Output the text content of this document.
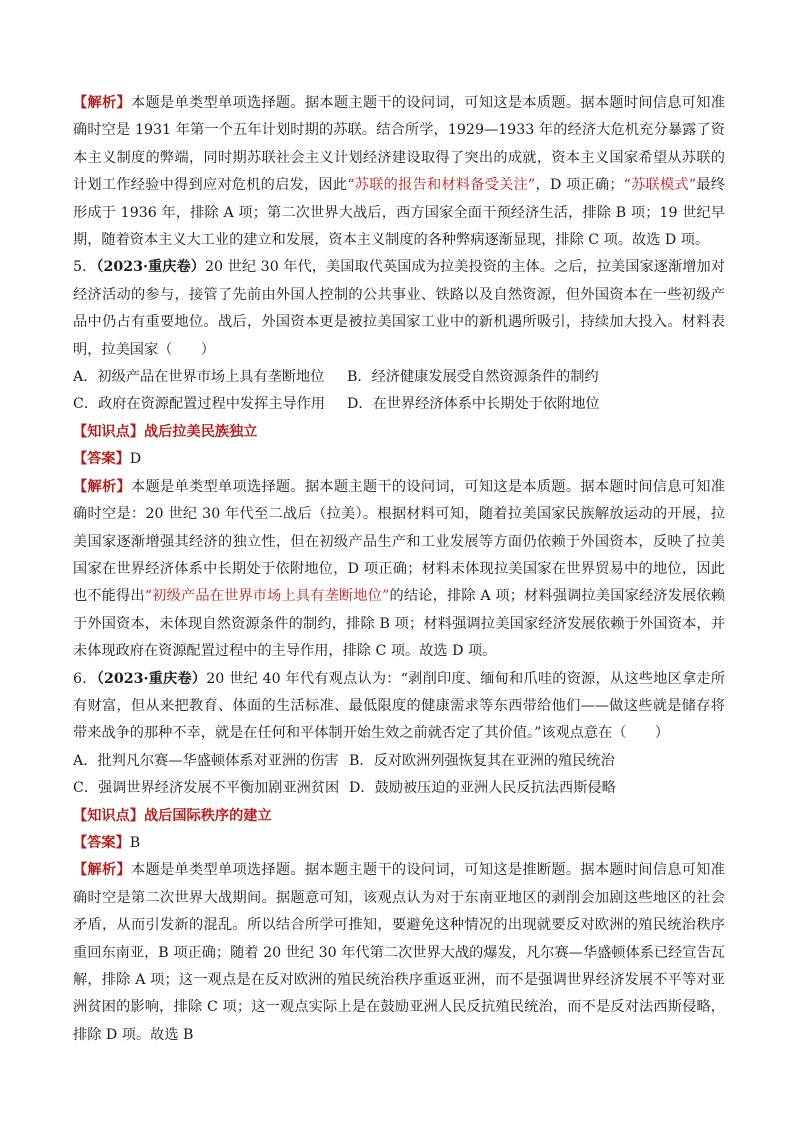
【解析】本题是单类型单项选择题。据本题主题干的设问词，可知这是本质题。据本题时间信息可知准确时空是 1931 年第一个五年计划时期的苏联。结合所学，1929—1933 年的经济大危机充分暴露了资本主义制度的弊端，同时期苏联社会主义计划经济建设取得了突出的成就，资本主义国家希望从苏联的计划工作经验中得到应对危机的启发，因此“苏联的报告和材料备受关注”，D 项正确；“苏联模式”最终形成于 1936 年，排除 A 项；第二次世界大战后，西方国家全面干预经济生活，排除 B 项；19 世纪早期，随着资本主义大工业的建立和发展，资本主义制度的各种弊病逐渐显现，排除 C 项。故选 D 项。

5．（2023·重庆卷）20 世纪 30 年代，美国取代英国成为拉美投资的主体。之后，拉美国家逐渐增加对经济活动的参与，接管了先前由外国人控制的公共事业、铁路以及自然资源，但外国资本在一些初级产品中仍占有重要地位。战后，外国资本更是被拉美国家工业中的新机遇所吸引，持续加大投入。材料表明，拉美国家（　　）

A．初级产品在世界市场上具有垄断地位	B．经济健康发展受自然资源条件的制约
C．政府在资源配置过程中发挥主导作用	D．在世界经济体系中长期处于依附地位

【知识点】战后拉美民族独立

【答案】D

【解析】本题是单类型单项选择题。据本题主题干的设问词，可知这是本质题。据本题时间信息可知准确时空是：20 世纪 30 年代至二战后（拉美）。根据材料可知，随着拉美国家民族解放运动的开展，拉美国家逐渐增强其经济的独立性，但在初级产品生产和工业发展等方面仍依赖于外国资本，反映了拉美国家在世界经济体系中长期处于依附地位，D 项正确；材料未体现拉美国家在世界贸易中的地位，因此也不能得出“初级产品在世界市场上具有垄断地位”的结论，排除 A 项；材料强调拉美国家经济发展依赖于外国资本，未体现自然资源条件的制约，排除 B 项；材料强调拉美国家经济发展依赖于外国资本，并未体现政府在资源配置过程中的主导作用，排除 C 项。故选 D 项。

6．（2023·重庆卷）20 世纪 40 年代有观点认为：“剥削印度、缅甸和爪哇的资源，从这些地区拿走所有财富，但从来把教育、体面的生活标准、最低限度的健康需求等东西带给他们——做这些就是储存将带来战争的那种不幸，就是在任何和平体制开始生效之前就否定了其价值。”该观点意在（　　）

A．批判凡尔赛—华盛顿体系对亚洲的伤害 B．反对欧洲列强恢复其在亚洲的殖民统治
C．强调世界经济发展不平衡加剧亚洲贫困 D．鼓励被压迫的亚洲人民反抗法西斯侵略

【知识点】战后国际秩序的建立

【答案】B

【解析】本题是单类型单项选择题。据本题主题干的设问词，可知这是推断题。据本题时间信息可知准确时空是第二次世界大战期间。据题意可知，该观点认为对于东南亚地区的剥削会加剧这些地区的社会矛盾，从而引发新的混乱。所以结合所学可推知，要避免这种情况的出现就要反对欧洲的殖民统治秩序重回东南亚，B 项正确；随着 20 世纪 30 年代第二次世界大战的爆发，凡尔赛—华盛顿体系已经宣告瓦解，排除 A 项；这一观点是在反对欧洲的殖民统治秩序重返亚洲，而不是强调世界经济发展不平等对亚洲贫困的影响，排除 C 项；这一观点实际上是在鼓励亚洲人民反抗殖民统治，而不是反对法西斯侵略，排除 D 项。故选 B
